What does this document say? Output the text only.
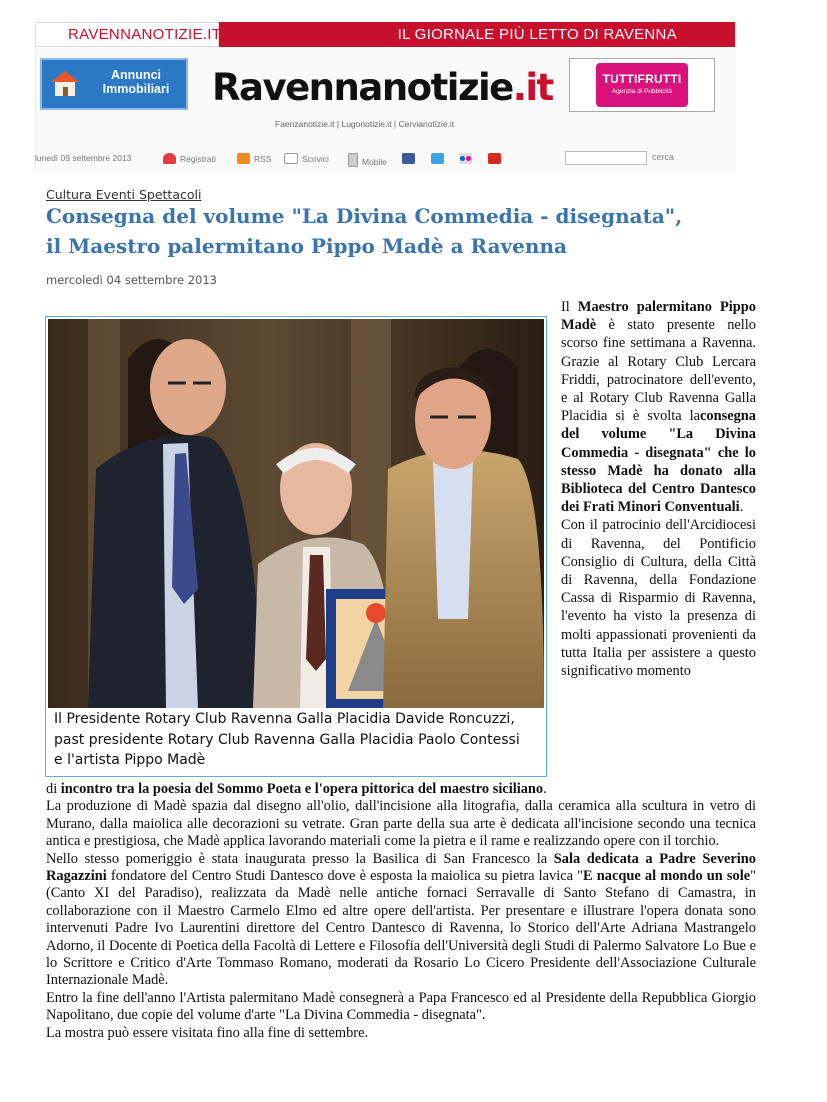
RAVENNANOTIZIE.IT	IL GIORNALE PIÙ LETTO DI RAVENNA
Annunci
Immobiliari	Ravennanotizie.it	TUTTIFRUTTI
Agenzia di Pubblicità
Faenzanotizie.it | Lugonotizie.it | Cervianotizie.it
lunedì 09 settembre 2013	Registrati	RSS	Scrivici	Mobile	cerca
Cultura Eventi Spettacoli
Consegna del volume "La Divina Commedia - disegnata",
il Maestro palermitano Pippo Madè a Ravenna
mercoledì 04 settembre 2013
Il Presidente Rotary Club Ravenna Galla Placidia Davide Roncuzzi,
past presidente Rotary Club Ravenna Galla Placidia Paolo Contessi
e l'artista Pippo Madè

Il Maestro palermitano Pippo Madè è stato presente nello scorso fine settimana a Ravenna. Grazie al Rotary Club Lercara Friddi, patrocinatore dell'evento, e al Rotary Club Ravenna Galla Placidia si è svolta laconsegna del volume "La Divina Commedia - disegnata" che lo stesso Madè ha donato alla Biblioteca del Centro Dantesco dei Frati Minori Conventuali.

Con il patrocinio dell'Arcidiocesi di Ravenna, del Pontificio Consiglio di Cultura, della Città di Ravenna, della Fondazione Cassa di Risparmio di Ravenna, l'evento ha visto la presenza di molti appassionati provenienti da tutta Italia per assistere a questo significativo momento

di incontro tra la poesia del Sommo Poeta e l'opera pittorica del maestro siciliano.

La produzione di Madè spazia dal disegno all'olio, dall'incisione alla litografia, dalla ceramica alla scultura in vetro di Murano, dalla maiolica alle decorazioni su vetrate. Gran parte della sua arte è dedicata all'incisione secondo una tecnica antica e prestigiosa, che Madè applica lavorando materiali come la pietra e il rame e realizzando opere con il torchio.

Nello stesso pomeriggio è stata inaugurata presso la Basilica di San Francesco la Sala dedicata a Padre Severino Ragazzini fondatore del Centro Studi Dantesco dove è esposta la maiolica su pietra lavica "E nacque al mondo un sole" (Canto XI del Paradiso), realizzata da Madè nelle antiche fornaci Serravalle di Santo Stefano di Camastra, in collaborazione con il Maestro Carmelo Elmo ed altre opere dell'artista. Per presentare e illustrare l'opera donata sono intervenuti Padre Ivo Laurentini direttore del Centro Dantesco di Ravenna, lo Storico dell'Arte Adriana Mastrangelo Adorno, il Docente di Poetica della Facoltà di Lettere e Filosofia dell'Università degli Studi di Palermo Salvatore Lo Bue e lo Scrittore e Critico d'Arte Tommaso Romano, moderati da Rosario Lo Cicero Presidente dell'Associazione Culturale Internazionale Madè.

Entro la fine dell'anno l'Artista palermitano Madè consegnerà a Papa Francesco ed al Presidente della Repubblica Giorgio Napolitano, due copie del volume d'arte "La Divina Commedia - disegnata".

La mostra può essere visitata fino alla fine di settembre.
